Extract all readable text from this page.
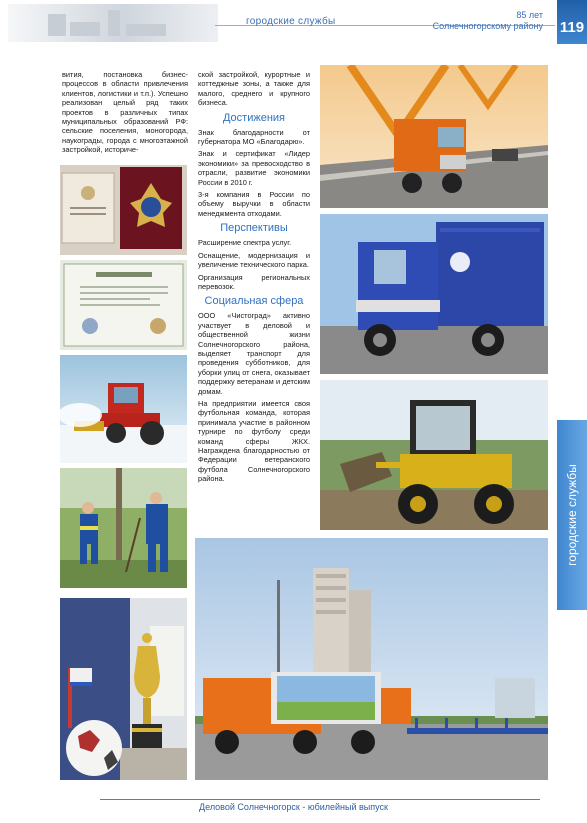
городские службы
85 лет
Солнечногорскому району 119
городские службы
вития, постановка бизнес-процессов в области привлечения клиентов, логистики и т.п.). Успешно реализован целый ряд таких проектов в различных типах муниципальных образований РФ: сельские поселения, моногорода, наукограды, города с многоэтажной застройкой, историче-

ской застройкой, курортные и коттеджные зоны, а также для малого, среднего и крупного бизнеса.

Достижения

Знак благодарности от губернатора МО «Благодарю».

Знак и сертификат «Лидер экономики» за превосходство в отрасли, развитие экономики России в 2010 г.

3-я компания в России по объему выручки в области менеджмента отходами.

Перспективы

Расширение спектра услуг.

Оснащение, модернизация и увеличение технического парка.

Организация региональных перевозок.

Социальная сфера

ООО «Чистоград» активно участвует в деловой и общественной жизни Солнечногорского района, выделяет транспорт для проведения субботников, для уборки улиц от снега, оказывает поддержку ветеранам и детским домам.

На предприятии имеется своя футбольная команда, которая принимала участие в районном турнире по футболу среди команд сферы ЖКХ. Награждена благодарностью от Федерации ветеранского футбола Солнечногорского района.

Деловой Солнечногорск - юбилейный выпуск
